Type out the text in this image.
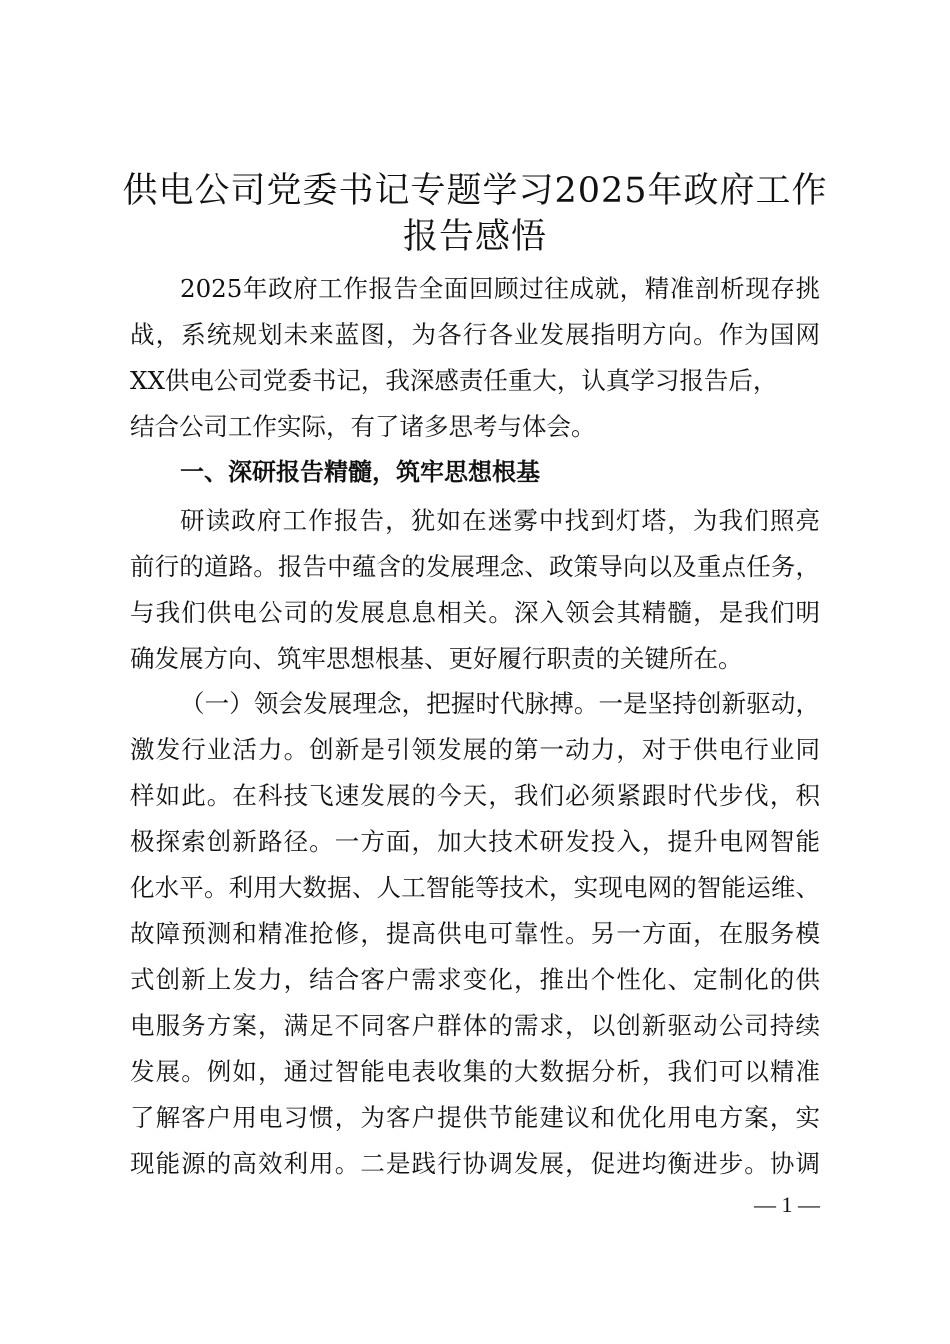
供电公司党委书记专题学习2025年政府工作
报告感悟
2025年政府工作报告全面回顾过往成就，精准剖析现存挑
战，系统规划未来蓝图，为各行各业发展指明方向。作为国网
XX供电公司党委书记，我深感责任重大，认真学习报告后，
结合公司工作实际，有了诸多思考与体会。
一、深研报告精髓，筑牢思想根基
研读政府工作报告，犹如在迷雾中找到灯塔，为我们照亮
前行的道路。报告中蕴含的发展理念、政策导向以及重点任务，
与我们供电公司的发展息息相关。深入领会其精髓，是我们明
确发展方向、筑牢思想根基、更好履行职责的关键所在。
（一）领会发展理念，把握时代脉搏。一是坚持创新驱动，
激发行业活力。创新是引领发展的第一动力，对于供电行业同
样如此。在科技飞速发展的今天，我们必须紧跟时代步伐，积
极探索创新路径。一方面，加大技术研发投入，提升电网智能
化水平。利用大数据、人工智能等技术，实现电网的智能运维、
故障预测和精准抢修，提高供电可靠性。另一方面，在服务模
式创新上发力，结合客户需求变化，推出个性化、定制化的供
电服务方案，满足不同客户群体的需求，以创新驱动公司持续
发展。例如，通过智能电表收集的大数据分析，我们可以精准
了解客户用电习惯，为客户提供节能建议和优化用电方案，实
现能源的高效利用。二是践行协调发展，促进均衡进步。协调
— 1 —
